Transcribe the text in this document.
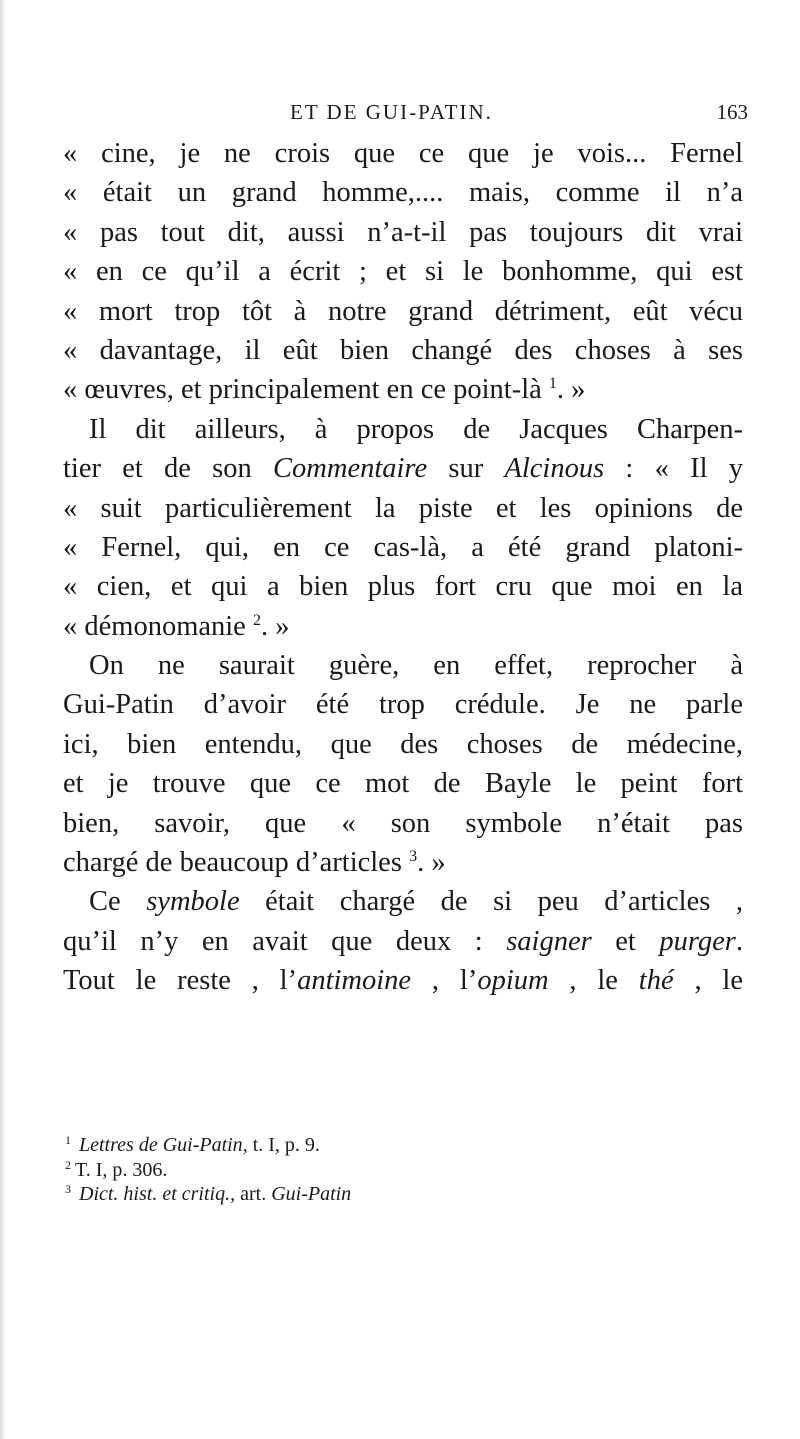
ET DE GUI-PATIN.	163
« cine, je ne crois que ce que je vois... Fernel
« était un grand homme,.... mais, comme il n’a
« pas tout dit, aussi n’a-t-il pas toujours dit vrai
« en ce qu’il a écrit ; et si le bonhomme, qui est
« mort trop tôt à notre grand détriment, eût vécu
« davantage, il eût bien changé des choses à ses
« œuvres, et principalement en ce point-là $^1$. »
Il dit ailleurs, à propos de Jacques Charpen-
tier et de son Commentaire sur Alcinous : « Il y
« suit particulièrement la piste et les opinions de
« Fernel, qui, en ce cas-là, a été grand platoni-
« cien, et qui a bien plus fort cru que moi en la
« démonomanie $^2$. »
On ne saurait guère, en effet, reprocher à
Gui-Patin d’avoir été trop crédule. Je ne parle
ici, bien entendu, que des choses de médecine,
et je trouve que ce mot de Bayle le peint fort
bien, savoir, que « son symbole n’était pas
chargé de beaucoup d’articles $^3$. »
Ce symbole était chargé de si peu d’articles ,
qu’il n’y en avait que deux : saigner et purger.
Tout le reste , l’antimoine , l’opium , le thé , le
$^1$ Lettres de Gui-Patin, t. I, p. 9.
$^2$ T. I, p. 306.
$^3$ Dict. hist. et critiq., art. Gui-Patin
